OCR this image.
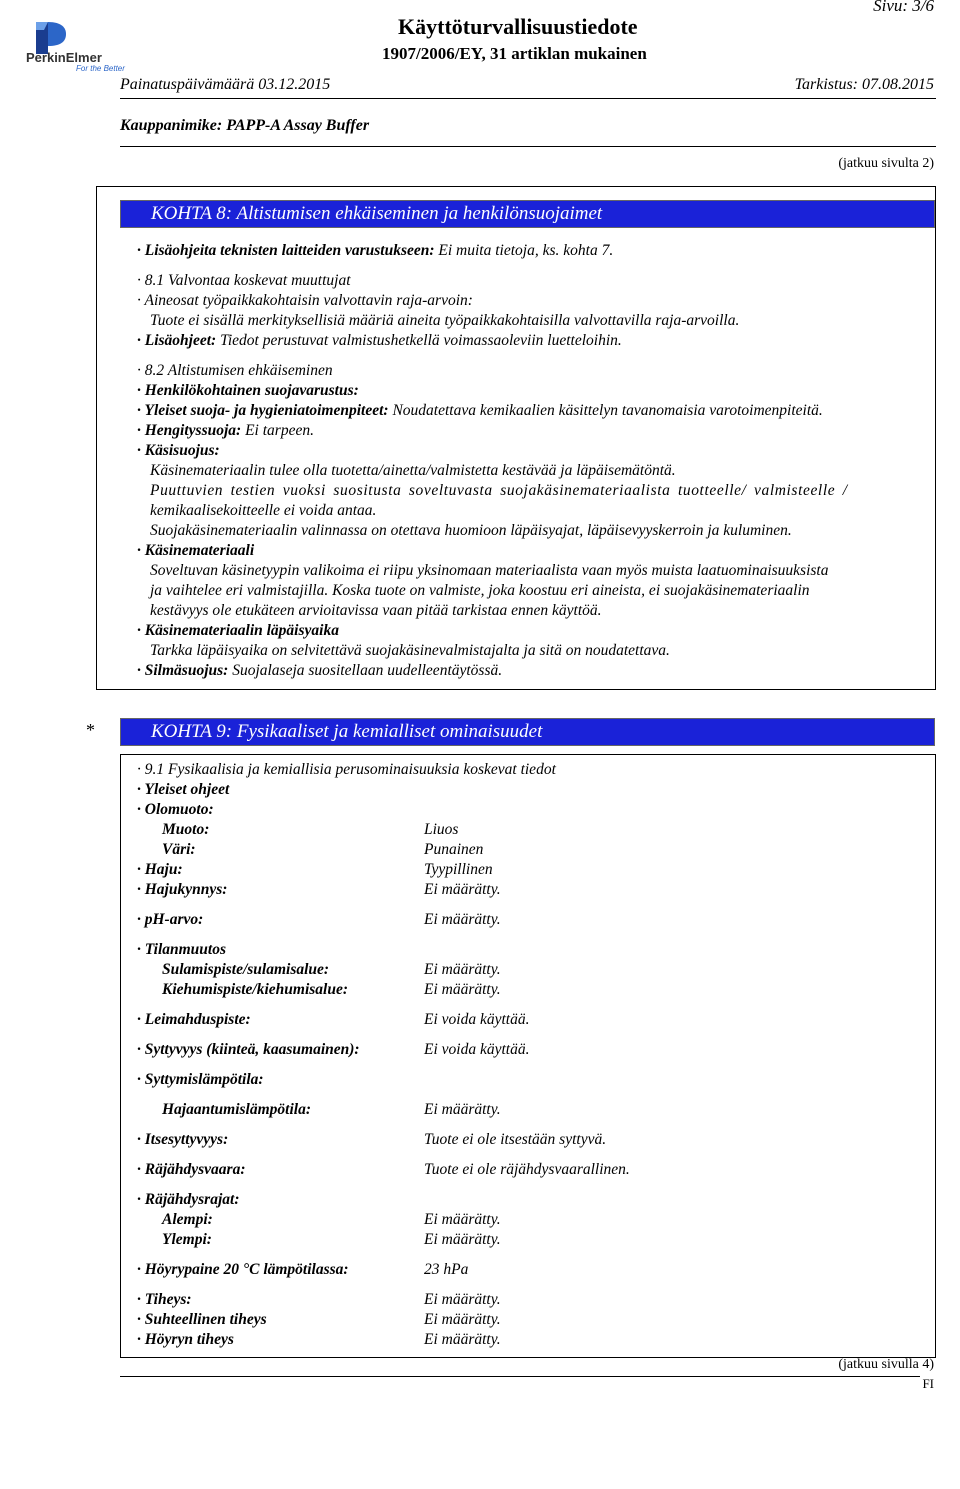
Sivu: 3/6
PerkinElmer
For the Better
Käyttöturvallisuustiedote
1907/2006/EY, 31 artiklan mukainen
Painatuspäivämäärä 03.12.2015	Tarkistus: 07.08.2015
Kauppanimike: PAPP-A Assay Buffer
(jatkuu sivulta 2)
KOHTA 8: Altistumisen ehkäiseminen ja henkilönsuojaimet
· Lisäohjeita teknisten laitteiden varustukseen: Ei muita tietoja, ks. kohta 7.
· 8.1 Valvontaa koskevat muuttujat
· Aineosat työpaikkakohtaisin valvottavin raja-arvoin:
Tuote ei sisällä merkityksellisiä määriä aineita työpaikkakohtaisilla valvottavilla raja-arvoilla.
· Lisäohjeet: Tiedot perustuvat valmistushetkellä voimassaoleviin luetteloihin.
· 8.2 Altistumisen ehkäiseminen
· Henkilökohtainen suojavarustus:
· Yleiset suoja- ja hygieniatoimenpiteet: Noudatettava kemikaalien käsittelyn tavanomaisia varotoimenpiteitä.
· Hengityssuoja: Ei tarpeen.
· Käsisuojus:
Käsinemateriaalin tulee olla tuotetta/ainetta/valmistetta kestävää ja läpäisemätöntä.
Puuttuvien testien vuoksi suositusta soveltuvasta suojakäsinemateriaalista tuotteelle/ valmisteelle /
kemikaalisekoitteelle ei voida antaa.
Suojakäsinemateriaalin valinnassa on otettava huomioon läpäisyajat, läpäisevyyskerroin ja kuluminen.
· Käsinemateriaali
Soveltuvan käsinetyypin valikoima ei riipu yksinomaan materiaalista vaan myös muista laatuominaisuuksista
ja vaihtelee eri valmistajilla. Koska tuote on valmiste, joka koostuu eri aineista, ei suojakäsinemateriaalin
kestävyys ole etukäteen arvioitavissa vaan pitää tarkistaa ennen käyttöä.
· Käsinemateriaalin läpäisyaika
Tarkka läpäisyaika on selvitettävä suojakäsinevalmistajalta ja sitä on noudatettava.
· Silmäsuojus: Suojalaseja suositellaan uudelleentäytössä.
*	KOHTA 9: Fysikaaliset ja kemialliset ominaisuudet
· 9.1 Fysikaalisia ja kemiallisia perusominaisuuksia koskevat tiedot
· Yleiset ohjeet
· Olomuoto:
Muoto:	Liuos
Väri:	Punainen
· Haju:	Tyypillinen
· Hajukynnys:	Ei määrätty.
· pH-arvo:	Ei määrätty.
· Tilanmuutos
Sulamispiste/sulamisalue:	Ei määrätty.
Kiehumispiste/kiehumisalue:	Ei määrätty.
· Leimahduspiste:	Ei voida käyttää.
· Syttyvyys (kiinteä, kaasumainen):	Ei voida käyttää.
· Syttymislämpötila:
Hajaantumislämpötila:	Ei määrätty.
· Itsesyttyvyys:	Tuote ei ole itsestään syttyvä.
· Räjähdysvaara:	Tuote ei ole räjähdysvaarallinen.
· Räjähdysrajat:
Alempi:	Ei määrätty.
Ylempi:	Ei määrätty.
· Höyrypaine 20 °C lämpötilassa:	23 hPa
· Tiheys:	Ei määrätty.
· Suhteellinen tiheys	Ei määrätty.
· Höyryn tiheys	Ei määrätty.
(jatkuu sivulla 4)
FI
